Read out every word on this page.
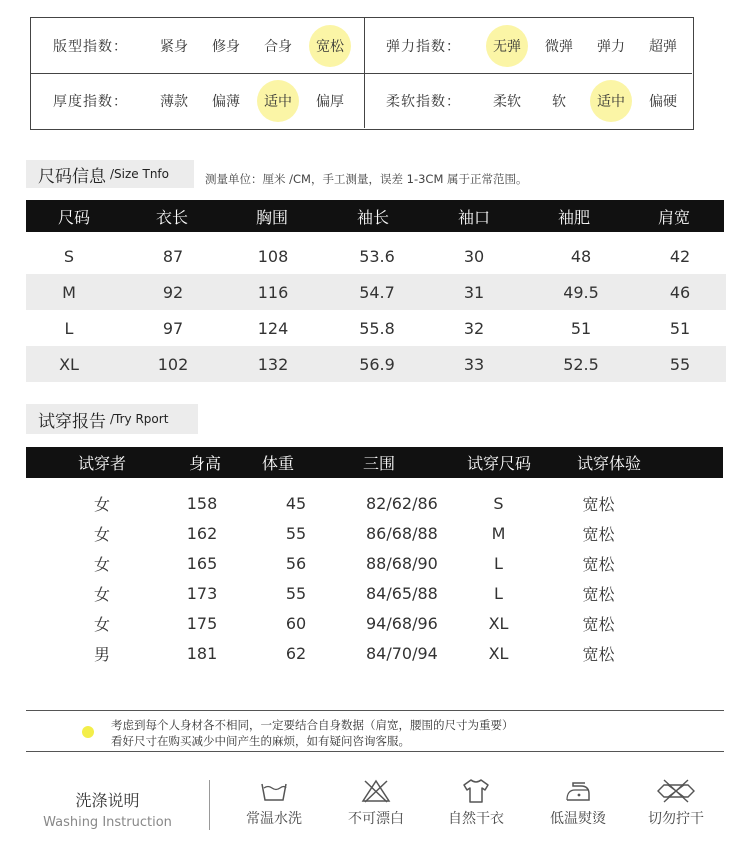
版型指数：	紧身	修身	合身	宽松
厚度指数：	薄款	偏薄	适中	偏厚
弹力指数：	无弹	微弹	弹力	超弹
柔软指数：	柔软	软	适中	偏硬
尺码信息 /Size Tnfo	测量单位：厘米 /CM，手工测量，误差 1-3CM 属于正常范围。
尺码	衣长	胸围	袖长	袖口	袖肥	肩宽
S	87	108	53.6	30	48	42
M	92	116	54.7	31	49.5	46
L	97	124	55.8	32	51	51
XL	102	132	56.9	33	52.5	55
试穿报告 /Try Rport
试穿者	身高	体重	三围	试穿尺码	试穿体验
女	158	45	82/62/86	S	宽松
女	162	55	86/68/88	M	宽松
女	165	56	88/68/90	L	宽松
女	173	55	84/65/88	L	宽松
女	175	60	94/68/96	XL	宽松
男	181	62	84/70/94	XL	宽松
考虑到每个人身材各不相同，一定要结合自身数据（肩宽，腰围的尺寸为重要）
看好尺寸在购买减少中间产生的麻烦，如有疑问咨询客服。
洗涤说明
Washing Instruction	常温水洗	不可漂白	自然干衣	低温熨烫	切勿拧干
